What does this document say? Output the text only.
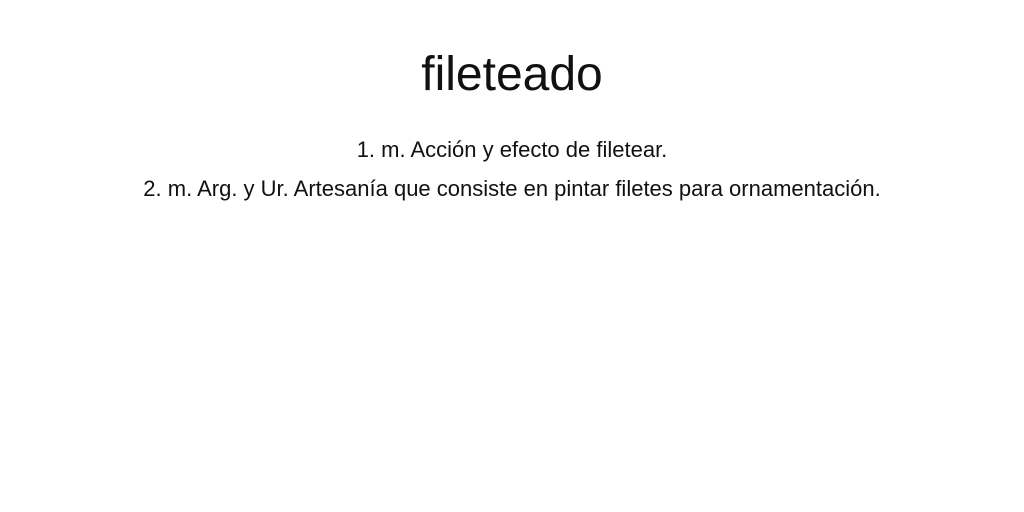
fileteado
1. m. Acción y efecto de filetear.
2. m. Arg. y Ur. Artesanía que consiste en pintar filetes para ornamentación.
